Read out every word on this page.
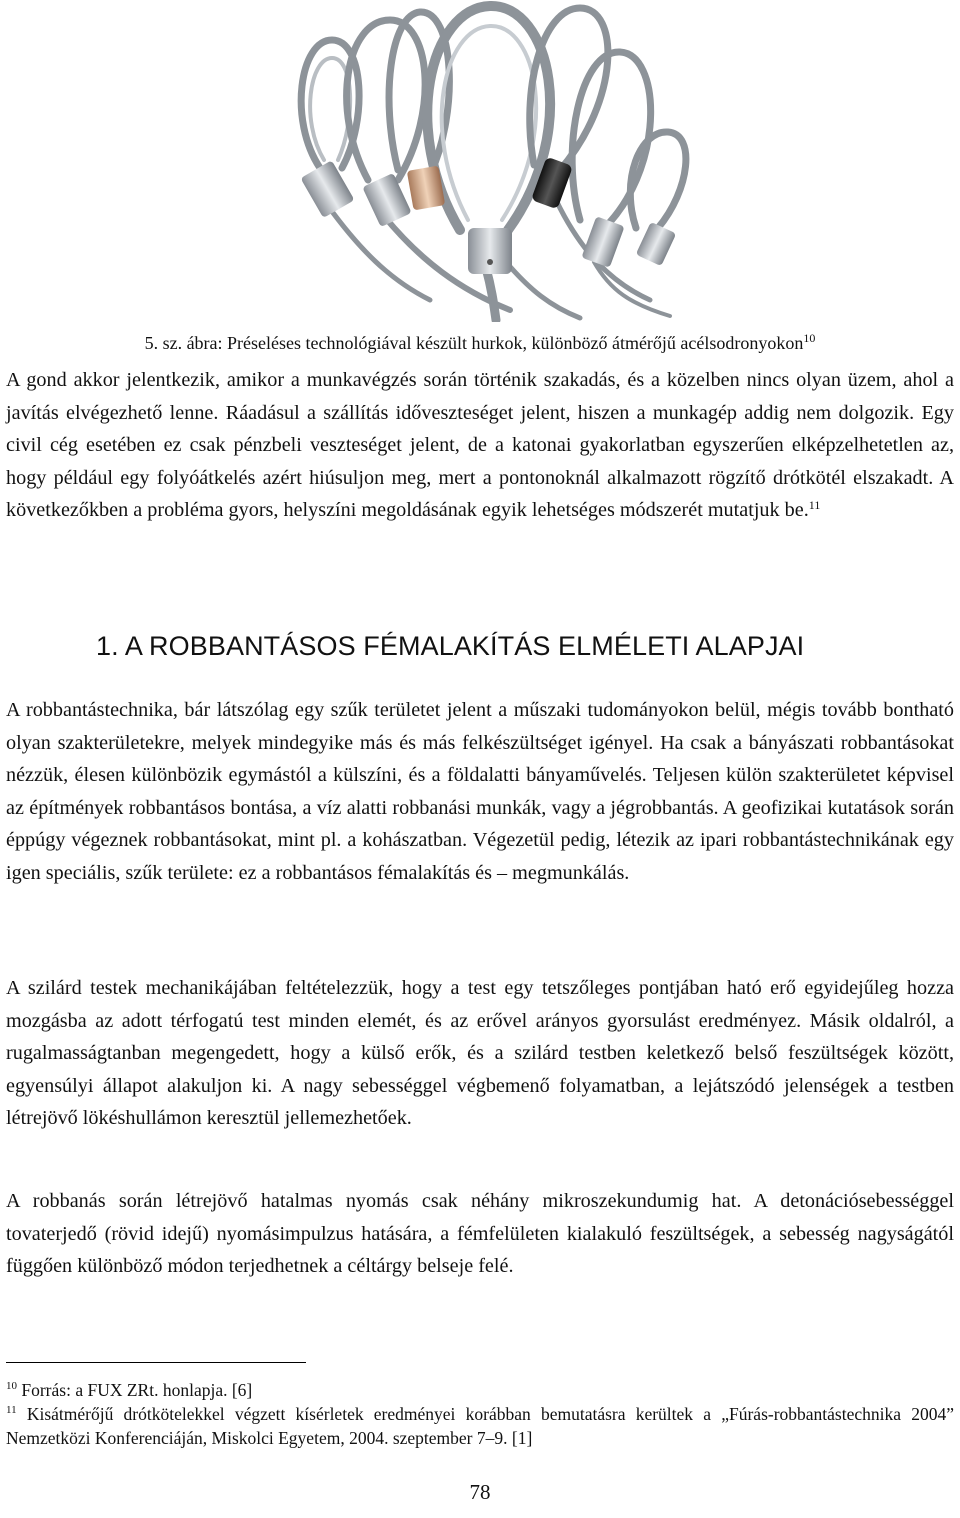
5. sz. ábra: Préseléses technológiával készült hurkok, különböző átmérőjű acélsodronyokon$^{10}$
A gond akkor jelentkezik, amikor a munkavégzés során történik szakadás, és a közelben nincs olyan üzem, ahol a javítás elvégezhető lenne. Ráadásul a szállítás időveszteséget jelent, hiszen a munkagép addig nem dolgozik. Egy civil cég esetében ez csak pénzbeli veszteséget jelent, de a katonai gyakorlatban egyszerűen elképzelhetetlen az, hogy például egy folyóátkelés azért hiúsuljon meg, mert a pontonoknál alkalmazott rögzítő drótkötél elszakadt. A következőkben a probléma gyors, helyszíni megoldásának egyik lehetséges módszerét mutatjuk be.$^{11}$
1. A ROBBANTÁSOS FÉMALAKÍTÁS ELMÉLETI ALAPJAI
A robbantástechnika, bár látszólag egy szűk területet jelent a műszaki tudományokon belül, mégis tovább bontható olyan szakterületekre, melyek mindegyike más és más felkészültséget igényel. Ha csak a bányászati robbantásokat nézzük, élesen különbözik egymástól a külszíni, és a földalatti bányaművelés. Teljesen külön szakterületet képvisel az építmények robbantásos bontása, a víz alatti robbanási munkák, vagy a jégrobbantás. A geofizikai kutatások során éppúgy végeznek robbantásokat, mint pl. a kohászatban. Végezetül pedig, létezik az ipari robbantástechnikának egy igen speciális, szűk területe: ez a robbantásos fémalakítás és – megmunkálás.
A szilárd testek mechanikájában feltételezzük, hogy a test egy tetszőleges pontjában ható erő egyidejűleg hozza mozgásba az adott térfogatú test minden elemét, és az erővel arányos gyorsulást eredményez. Másik oldalról, a rugalmasságtanban megengedett, hogy a külső erők, és a szilárd testben keletkező belső feszültségek között, egyensúlyi állapot alakuljon ki. A nagy sebességgel végbemenő folyamatban, a lejátszódó jelenségek a testben létrejövő lökéshullámon keresztül jellemezhetőek.
A robbanás során létrejövő hatalmas nyomás csak néhány mikroszekundumig hat. A detonációsebességgel tovaterjedő (rövid idejű) nyomásimpulzus hatására, a fémfelületen kialakuló feszültségek, a sebesség nagyságától függően különböző módon terjedhetnek a céltárgy belseje felé.
$^{10}$ Forrás: a FUX ZRt. honlapja. [6]
$^{11}$ Kisátmérőjű drótkötelekkel végzett kísérletek eredményei korábban bemutatásra kerültek a „Fúrás-robbantástechnika 2004” Nemzetközi Konferenciáján, Miskolci Egyetem, 2004. szeptember 7–9. [1]
78
